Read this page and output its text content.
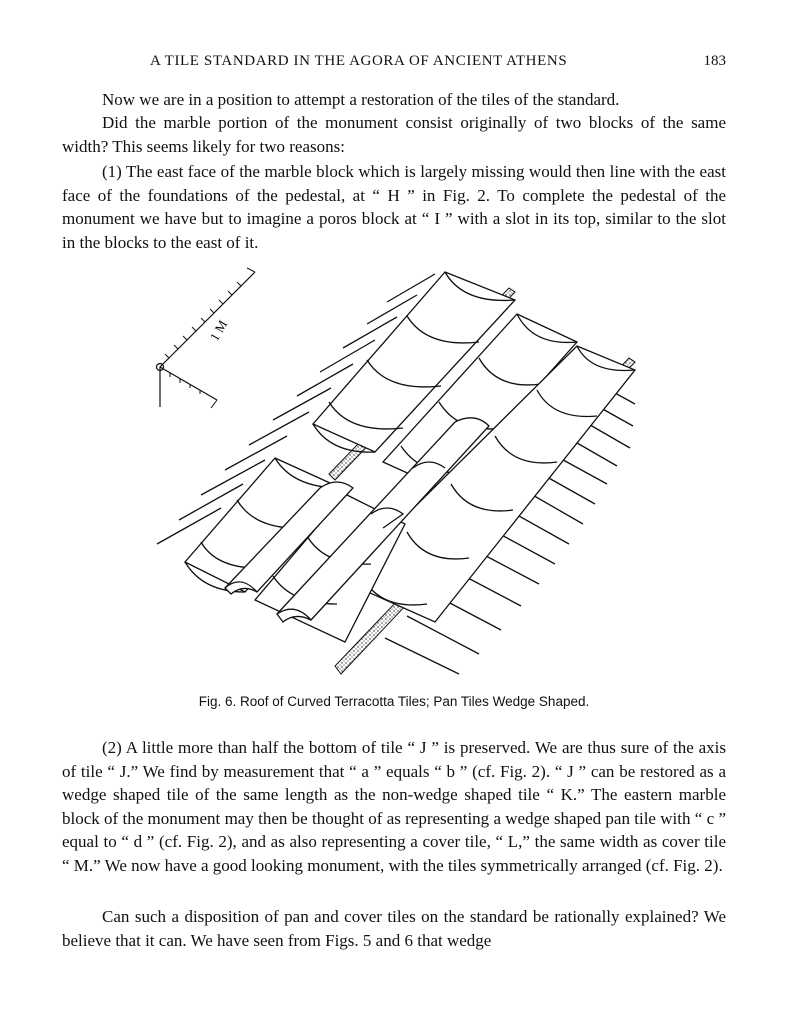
A TILE STANDARD IN THE AGORA OF ANCIENT ATHENS	183

Now we are in a position to attempt a restoration of the tiles of the standard.

Did the marble portion of the monument consist originally of two blocks of the same width? This seems likely for two reasons:

(1) The east face of the marble block which is largely missing would then line with the east face of the foundations of the pedestal, at “ H ” in Fig. 2. To complete the pedestal of the monument we have but to imagine a poros block at “ I ” with a slot in its top, similar to the slot in the blocks to the east of it.

1 M
Fig. 6. Roof of Curved Terracotta Tiles; Pan Tiles Wedge Shaped.

(2) A little more than half the bottom of tile “ J ” is preserved. We are thus sure of the axis of tile “ J.” We find by measurement that “ a ” equals “ b ” (cf. Fig. 2). “ J ” can be restored as a wedge shaped tile of the same length as the non-wedge shaped tile “ K.” The eastern marble block of the monument may then be thought of as representing a wedge shaped pan tile with “ c ” equal to “ d ” (cf. Fig. 2), and as also representing a cover tile, “ L,” the same width as cover tile “ M.” We now have a good looking monument, with the tiles symmetrically arranged (cf. Fig. 2).

Can such a disposition of pan and cover tiles on the standard be rationally explained? We believe that it can. We have seen from Figs. 5 and 6 that wedge
